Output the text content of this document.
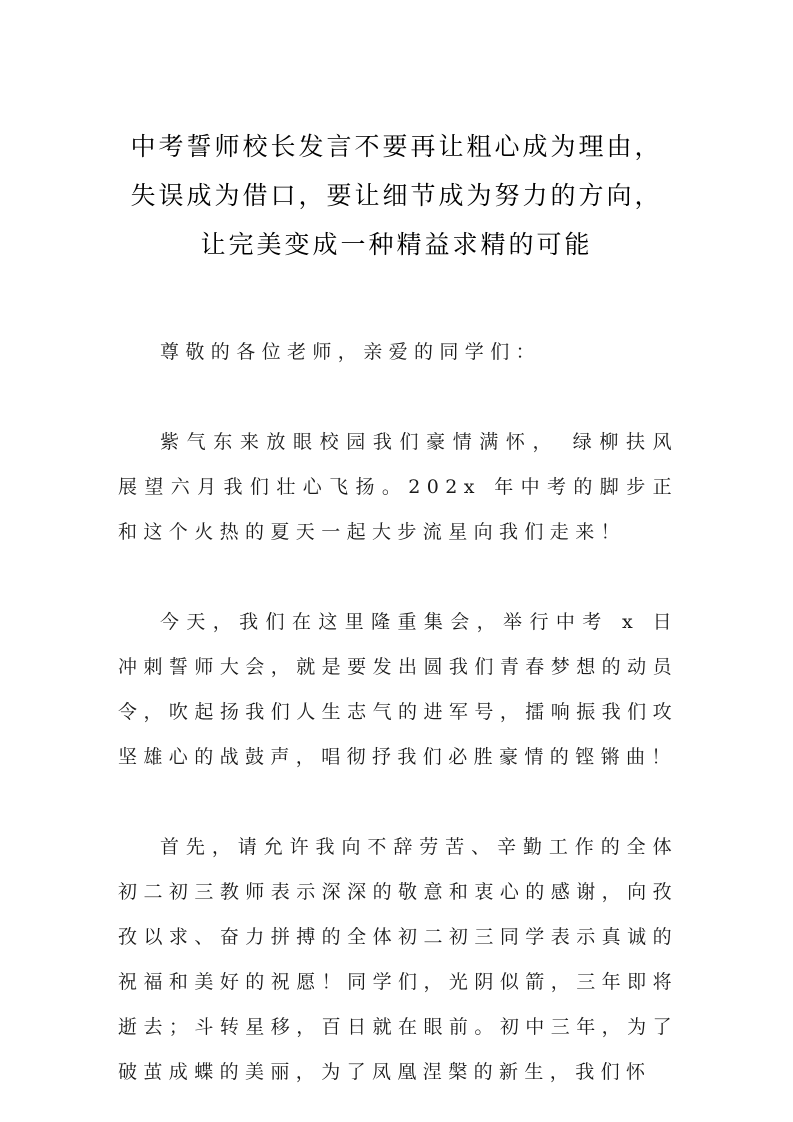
中考誓师校长发言不要再让粗心成为理由，
失误成为借口，要让细节成为努力的方向，
让完美变成一种精益求精的可能

尊敬的各位老师，亲爱的同学们：

紫气东来放眼校园我们豪情满怀， 绿柳扶风展望六月我们壮心飞扬。202x 年中考的脚步正和这个火热的夏天一起大步流星向我们走来！

今天，我们在这里隆重集会，举行中考 x 日冲刺誓师大会，就是要发出圆我们青春梦想的动员令，吹起扬我们人生志气的进军号，擂响振我们攻坚雄心的战鼓声，唱彻抒我们必胜豪情的铿锵曲！

首先，请允许我向不辞劳苦、辛勤工作的全体初二初三教师表示深深的敬意和衷心的感谢，向孜孜以求、奋力拼搏的全体初二初三同学表示真诚的祝福和美好的祝愿！同学们，光阴似箭，三年即将逝去；斗转星移，百日就在眼前。初中三年，为了破茧成蝶的美丽，为了凤凰涅槃的新生，我们怀
